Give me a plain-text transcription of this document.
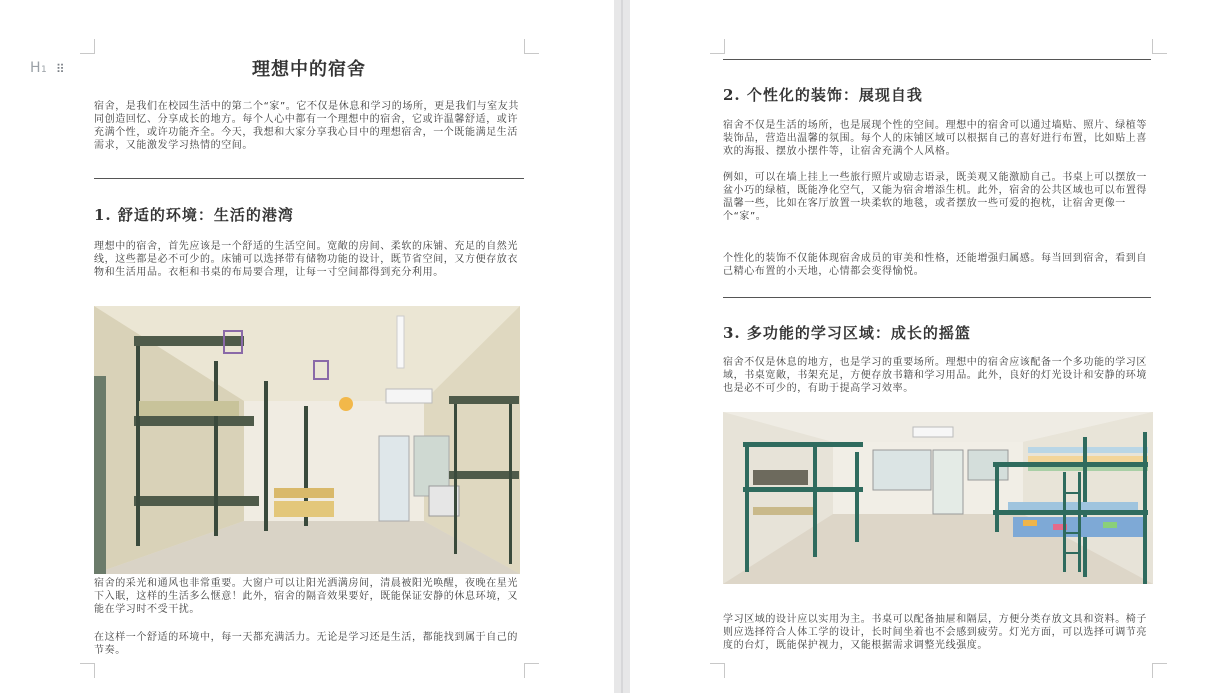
H1 ⠿	理想中的宿舍

宿舍，是我们在校园生活中的第二个“家”。它不仅是休息和学习的场所，更是我们与室友共同创造回忆、分享成长的地方。每个人心中都有一个理想中的宿舍，它或许温馨舒适，或许充满个性，或许功能齐全。今天，我想和大家分享我心目中的理想宿舍，一个既能满足生活需求，又能激发学习热情的空间。

1. 舒适的环境：生活的港湾

理想中的宿舍，首先应该是一个舒适的生活空间。宽敞的房间、柔软的床铺、充足的自然光线，这些都是必不可少的。床铺可以选择带有储物功能的设计，既节省空间，又方便存放衣物和生活用品。衣柜和书桌的布局要合理，让每一寸空间都得到充分利用。

宿舍的采光和通风也非常重要。大窗户可以让阳光洒满房间，清晨被阳光唤醒，夜晚在星光下入眠，这样的生活多么惬意！此外，宿舍的隔音效果要好，既能保证安静的休息环境，又能在学习时不受干扰。

在这样一个舒适的环境中，每一天都充满活力。无论是学习还是生活，都能找到属于自己的节奏。

2. 个性化的装饰：展现自我

宿舍不仅是生活的场所，也是展现个性的空间。理想中的宿舍可以通过墙贴、照片、绿植等装饰品，营造出温馨的氛围。每个人的床铺区域可以根据自己的喜好进行布置，比如贴上喜欢的海报、摆放小摆件等，让宿舍充满个人风格。

例如，可以在墙上挂上一些旅行照片或励志语录，既美观又能激励自己。书桌上可以摆放一盆小巧的绿植，既能净化空气，又能为宿舍增添生机。此外，宿舍的公共区域也可以布置得温馨一些，比如在客厅放置一块柔软的地毯，或者摆放一些可爱的抱枕，让宿舍更像一个“家”。

个性化的装饰不仅能体现宿舍成员的审美和性格，还能增强归属感。每当回到宿舍，看到自己精心布置的小天地，心情都会变得愉悦。

3. 多功能的学习区域：成长的摇篮

宿舍不仅是休息的地方，也是学习的重要场所。理想中的宿舍应该配备一个多功能的学习区域，书桌宽敞，书架充足，方便存放书籍和学习用品。此外，良好的灯光设计和安静的环境也是必不可少的，有助于提高学习效率。

学习区域的设计应以实用为主。书桌可以配备抽屉和隔层，方便分类存放文具和资料。椅子则应选择符合人体工学的设计，长时间坐着也不会感到疲劳。灯光方面，可以选择可调节亮度的台灯，既能保护视力，又能根据需求调整光线强度。
